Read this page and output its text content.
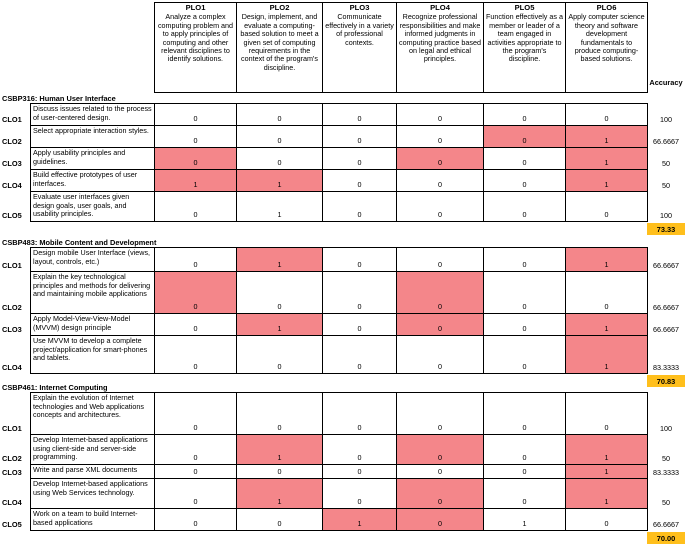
PLO1
Analyze a complex computing problem and to apply principles of computing and other relevant disciplines to identify solutions.
PLO2
Design, implement, and evaluate a computing-based solution to meet a given set of computing requirements in the context of the program's discipline.
PLO3
Communicate effectively in a variety of professional contexts.
PLO4
Recognize professional responsibilities and make informed judgments in computing practice based on legal and ethical principles.
PLO5
Function effectively as a member or leader of a team engaged in activities appropriate to the program's discipline.
PLO6
Apply computer science theory and software development fundamentals to produce computing-based solutions.
Accuracy
CSBP316: Human User Interface
CLO1
Discuss issues related to the process of user-centered design.	0	0	0	0	0	0	100
CLO2
Select appropriate interaction styles.
0	0	0	0	0	1	66.6667
CLO3
Apply usability principles and guidelines.	0	0	0	0	0	1	50
CLO4
Build effective prototypes of user interfaces.	1	1	0	0	0	1	50
CLO5
Evaluate user interfaces given design goals, user goals, and usability principles.	0	1	0	0	0	0	100
73.33
CSBP483: Mobile Content and Development
CLO1
Design mobile User Interface (views, layout, controls, etc.)	0	1	0	0	0	1	66.6667
CLO2
Explain the key technological principles and methods for delivering and maintaining mobile applications
0	0	0	0	0	0	66.6667
CLO3
Apply Model-View-View-Model (MVVM) design principle	0	1	0	0	0	1	66.6667
CLO4
Use MVVM to develop a complete project/application for smart-phones and tablets.
0	0	0	0	0	1	83.3333
70.83
CSBP461: Internet Computing
CLO1
Explain the evolution of Internet technologies and Web applications concepts and architectures.
0	0	0	0	0	0	100
CLO2
Develop Internet-based applications using client-side and server-side programming.	0	1	0	0	0	1	50
CLO3	Write and parse XML documents	0	0	0	0	0	1	83.3333
CLO4
Develop Internet-based applications using Web Services technology.
0	1	0	0	0	1	50
CLO5
Work on a team to build Internet-based applications	0	0	1	0	1	0	66.6667
70.00
